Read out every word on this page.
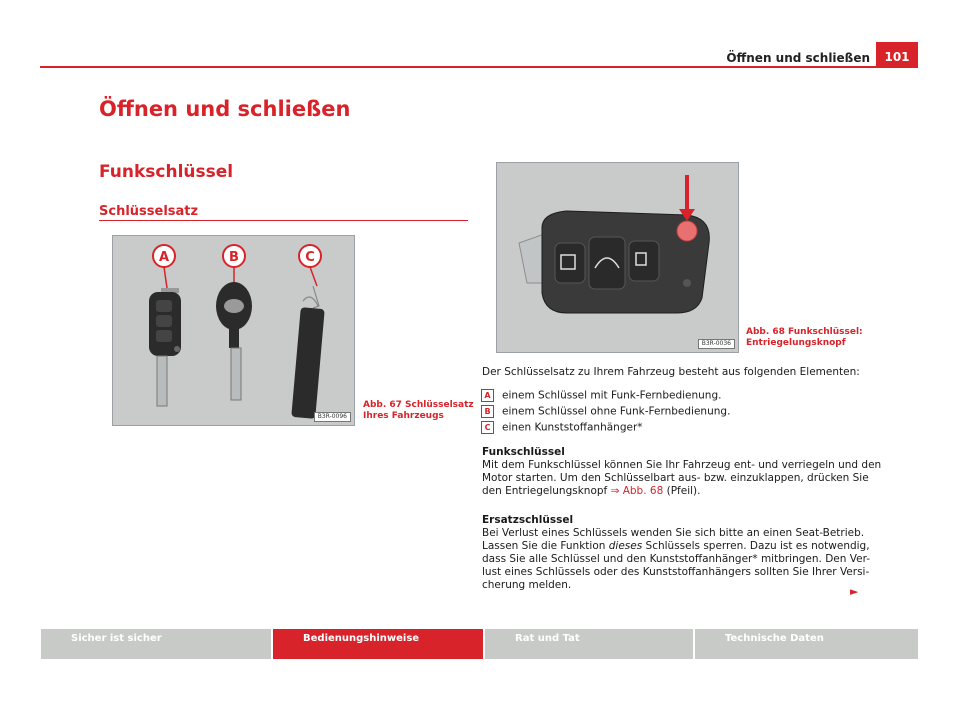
Öffnen und schließen	101
Öffnen und schließen
Funkschlüssel
Schlüsselsatz
A	B	C
B3R-0096
Abb. 67 Schlüsselsatz
Ihres Fahrzeugs
B3R-0036
Abb. 68 Funkschlüssel:
Entriegelungsknopf
Der Schlüsselsatz zu Ihrem Fahrzeug besteht aus folgenden Elementen:
A einem Schlüssel mit Funk-Fernbedienung.
B einem Schlüssel ohne Funk-Fernbedienung.
C einen Kunststoffanhänger*
Funkschlüssel
Mit dem Funkschlüssel können Sie Ihr Fahrzeug ent- und verriegeln und den
Motor starten. Um den Schlüsselbart aus- bzw. einzuklappen, drücken Sie
den Entriegelungsknopf ⇒ Abb. 68 (Pfeil).
Ersatzschlüssel
Bei Verlust eines Schlüssels wenden Sie sich bitte an einen Seat-Betrieb.
Lassen Sie die Funktion dieses Schlüssels sperren. Dazu ist es notwendig,
dass Sie alle Schlüssel und den Kunststoffanhänger* mitbringen. Den Ver-
lust eines Schlüssels oder des Kunststoffanhängers sollten Sie Ihrer Versi-
cherung melden.	►
Sicher ist sicher	Bedienungshinweise	Rat und Tat	Technische Daten
